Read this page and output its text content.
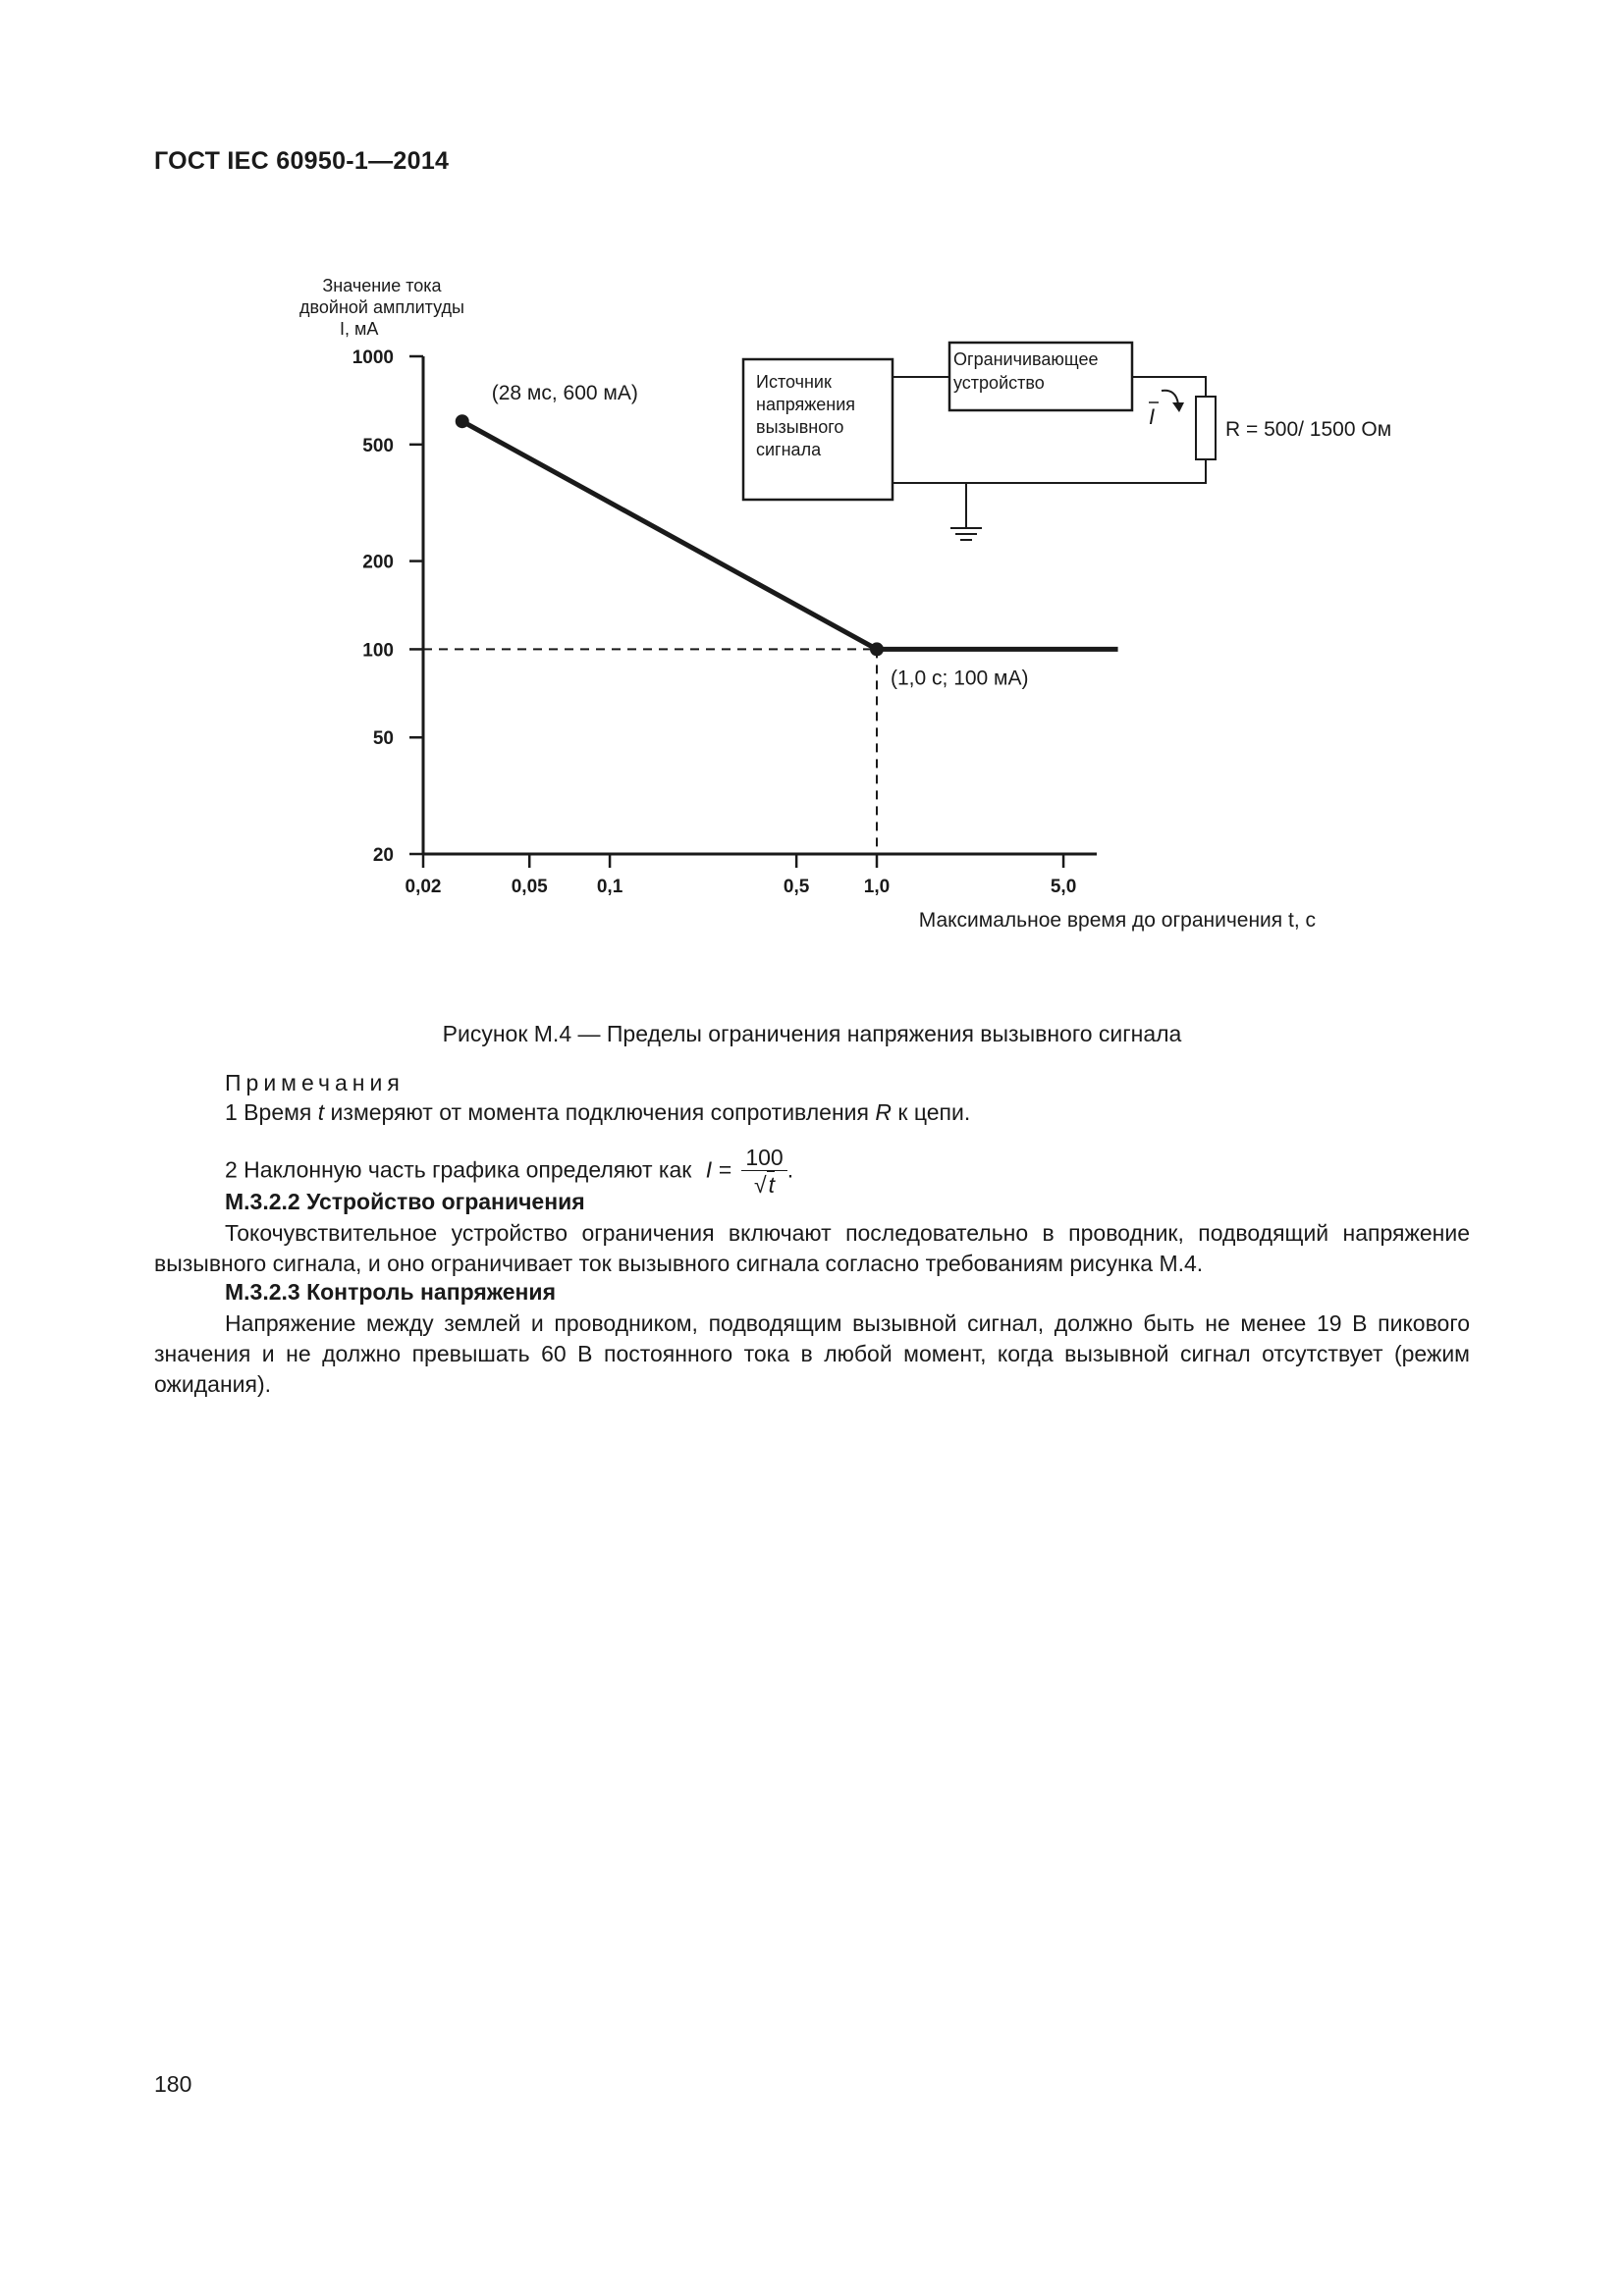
ГОСТ IEC 60950-1—2014
Значение тока
двойной амплитуды
I, мА
1000
500
200
100
50
20
0,02	0,05	0,1	0,5	1,0	5,0
Максимальное время до ограничения t, с
(28 мс, 600 мА)
(1,0 с; 100 мА)
Источник
напряжения
вызывного
сигнала
Ограничивающее
устройство
I
R = 500/ 1500 Ом
Рисунок М.4 — Пределы ограничения напряжения вызывного сигнала
Примечания
1 Время t измеряют от момента подключения сопротивления R к цепи.
2 Наклонную часть графика определяют как $I = \frac{100}{√t}$ .
М.3.2.2 Устройство ограничения
Токочувствительное устройство ограничения включают последовательно в проводник, подводящий напряжение вызывного сигнала, и оно ограничивает ток вызывного сигнала согласно требованиям рисунка М.4.
М.3.2.3 Контроль напряжения
Напряжение между землей и проводником, подводящим вызывной сигнал, должно быть не менее 19 В пикового значения и не должно превышать 60 В постоянного тока в любой момент, когда вызывной сигнал отсутствует (режим ожидания).
180
